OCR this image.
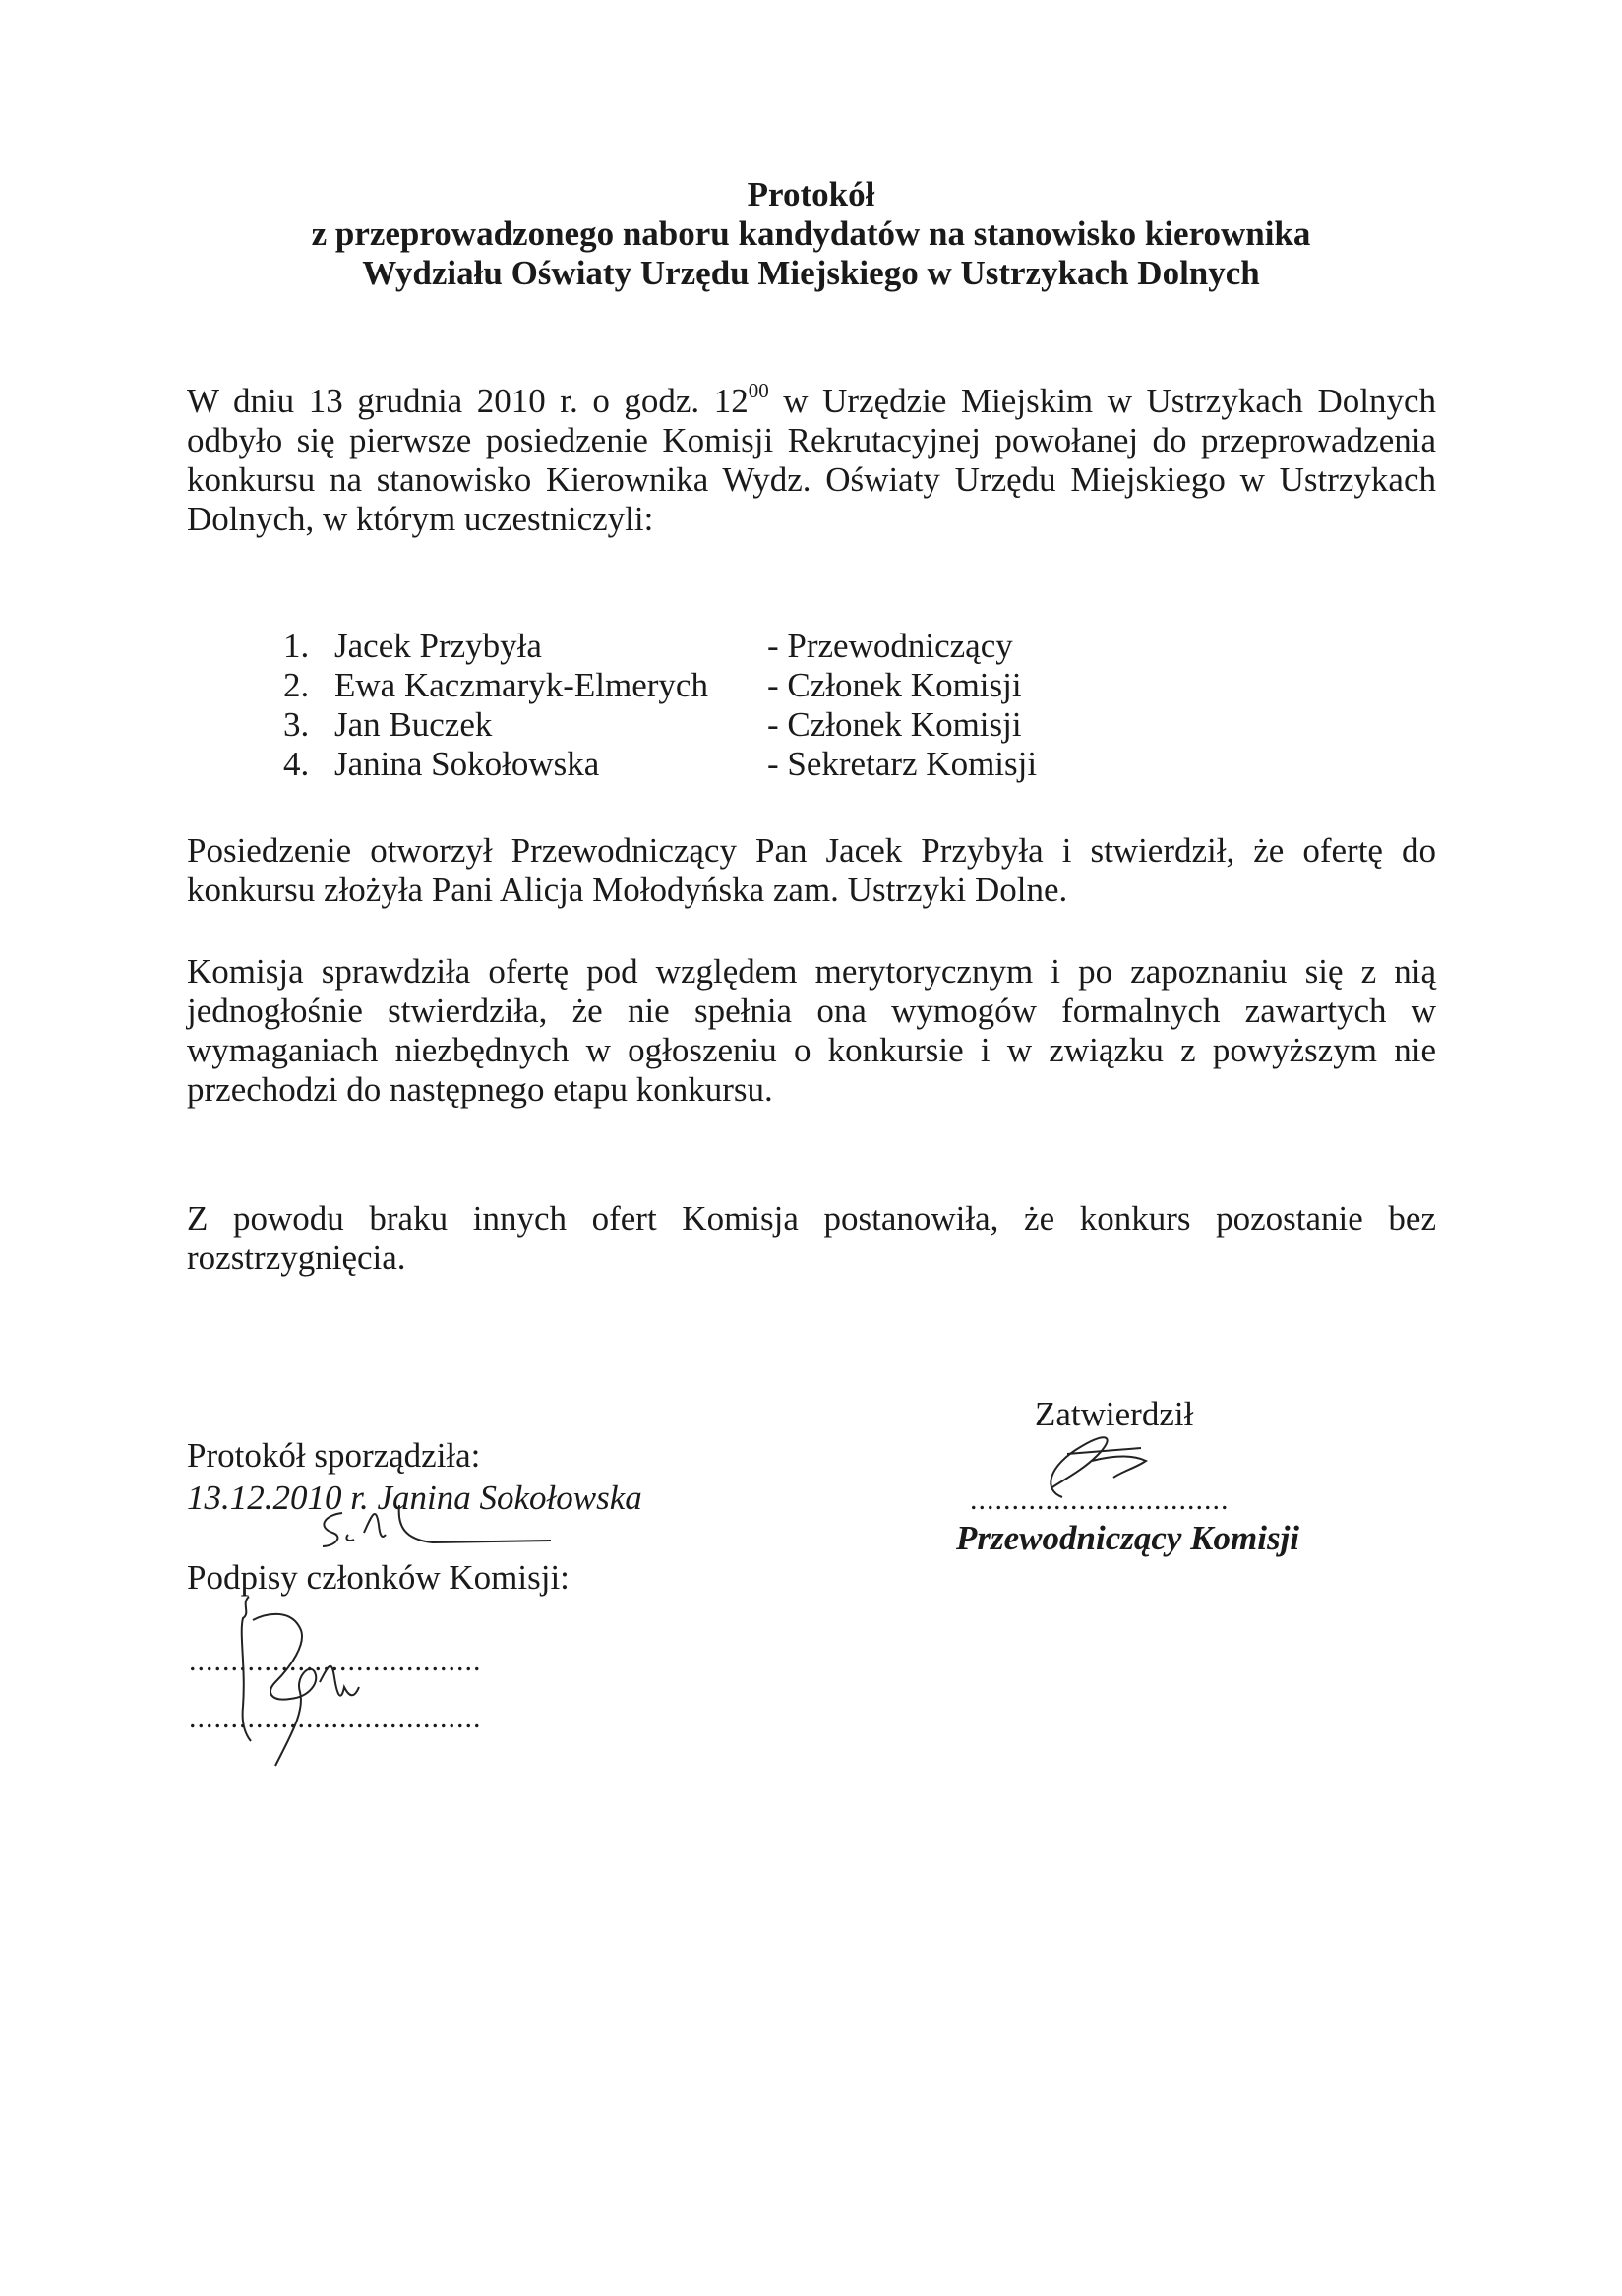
Protokół
z przeprowadzonego naboru kandydatów na stanowisko kierownika
Wydziału Oświaty Urzędu Miejskiego w Ustrzykach Dolnych
W dniu 13 grudnia 2010 r. o godz. $12^{00}$ w Urzędzie Miejskim w Ustrzykach Dolnych odbyło się pierwsze posiedzenie Komisji Rekrutacyjnej powołanej do przeprowadzenia konkursu na stanowisko Kierownika Wydz. Oświaty Urzędu Miejskiego w Ustrzykach Dolnych, w którym uczestniczyli:
1. Jacek Przybyła	- Przewodniczący
2. Ewa Kaczmaryk-Elmerych - Członek Komisji
3. Jan Buczek	- Członek Komisji
4. Janina Sokołowska	- Sekretarz Komisji
Posiedzenie otworzył Przewodniczący Pan Jacek Przybyła i stwierdził, że ofertę do konkursu złożyła Pani Alicja Mołodyńska zam. Ustrzyki Dolne.
Komisja sprawdziła ofertę pod względem merytorycznym i po zapoznaniu się z nią jednogłośnie stwierdziła, że nie spełnia ona wymogów formalnych zawartych w wymaganiach niezbędnych w ogłoszeniu o konkursie i w związku z powyższym nie przechodzi do następnego etapu konkursu.
Z powodu braku innych ofert Komisja postanowiła, że konkurs pozostanie bez rozstrzygnięcia.
Zatwierdził
...............................
Przewodniczący Komisji
Protokół sporządziła:
13.12.2010 r. Janina Sokołowska
Podpisy członków Komisji:
...................................
...................................
